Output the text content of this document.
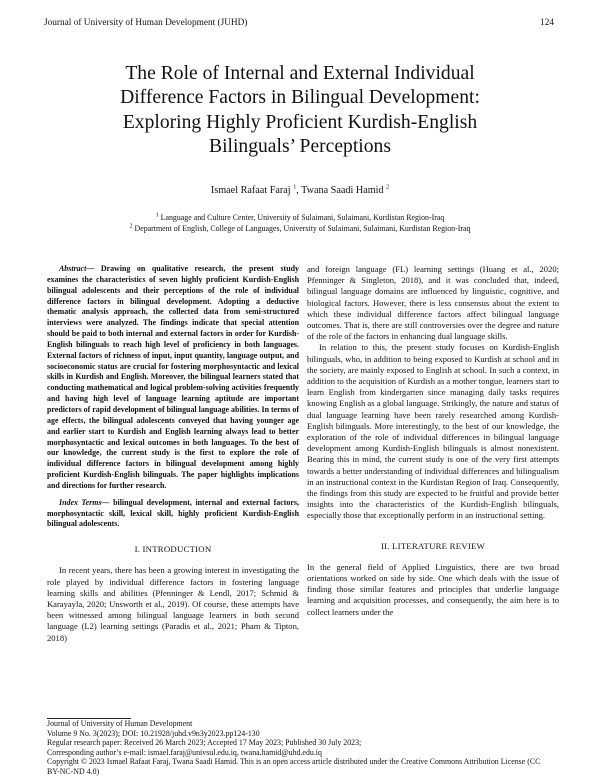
Journal of University of Human Development (JUHD)	124
The Role of Internal and External Individual
Difference Factors in Bilingual Development:
Exploring Highly Proficient Kurdish-English
Bilinguals’ Perceptions
Ismael Rafaat Faraj $^1$, Twana Saadi Hamid $^2$
$^1$ Language and Culture Center, University of Sulaimani, Sulaimani, Kurdistan Region-Iraq
$^2$ Department of English, College of Languages, University of Sulaimani, Sulaimani, Kurdistan Region-Iraq

Abstract— Drawing on qualitative research, the present study examines the characteristics of seven highly proficient Kurdish-English bilingual adolescents and their perceptions of the role of individual difference factors in bilingual development. Adopting a deductive thematic analysis approach, the collected data from semi-structured interviews were analyzed. The findings indicate that special attention should be paid to both internal and external factors in order for Kurdish-English bilinguals to reach high level of proficiency in both languages. External factors of richness of input, input quantity, language output, and socioeconomic status are crucial for fostering morphosyntactic and lexical skills in Kurdish and English. Moreover, the bilingual learners stated that conducting mathematical and logical problem-solving activities frequently and having high level of language learning aptitude are important predictors of rapid development of bilingual language abilities. In terms of age effects, the bilingual adolescents conveyed that having younger age and earlier start to Kurdish and English learning always lead to better morphosyntactic and lexical outcomes in both languages. To the best of our knowledge, the current study is the first to explore the role of individual difference factors in bilingual development among highly proficient Kurdish-English bilinguals. The paper highlights implications and directions for further research.

Index Terms— bilingual development, internal and external factors, morphosyntactic skill, lexical skill, highly proficient Kurdish-English bilingual adolescents.

I. INTRODUCTION

In recent years, there has been a growing interest in investigating the role played by individual difference factors in fostering language learning skills and abilities (Pfenninger & Lendl, 2017; Schmid & Karayayla, 2020; Unsworth et al., 2019). Of course, these attempts have been witnessed among bilingual language learners in both second language (L2) learning settings (Paradis et al., 2021; Pham & Tipton, 2018)

and foreign language (FL) learning settings (Huang et al., 2020; Pfenninger & Singleton, 2018), and it was concluded that, indeed, bilingual language domains are influenced by linguistic, cognitive, and biological factors. However, there is less consensus about the extent to which these individual difference factors affect bilingual language outcomes. That is, there are still controversies over the degree and nature of the role of the factors in enhancing dual language skills.

In relation to this, the present study focuses on Kurdish-English bilinguals, who, in addition to being exposed to Kurdish at school and in the society, are mainly exposed to English at school. In such a context, in addition to the acquisition of Kurdish as a mother tongue, learners start to learn English from kindergarten since managing daily tasks requires knowing English as a global language. Strikingly, the nature and status of dual language learning have been rarely researched among Kurdish-English bilinguals. More interestingly, to the best of our knowledge, the exploration of the role of individual differences in bilingual language development among Kurdish-English bilinguals is almost nonexistent. Bearing this in mind, the current study is one of the very first attempts towards a better understanding of individual differences and bilingualism in an instructional context in the Kurdistan Region of Iraq. Consequently, the findings from this study are expected to be fruitful and provide better insights into the characteristics of the Kurdish-English bilinguals, especially those that exceptionally perform in an instructional setting.

II. LITERATURE REVIEW

In the general field of Applied Linguistics, there are two broad orientations worked on side by side. One which deals with the issue of finding those similar features and principles that underlie language learning and acquisition processes, and consequently, the aim here is to collect learners under the

Journal of University of Human Development
Volume 9 No. 3(2023); DOI: 10.21928/juhd.v9n3y2023.pp124-130
Regular research paper: Received 26 March 2023; Accepted 17 May 2023; Published 30 July 2023;
Corresponding author’s e-mail: ismael.faraj@univsul.edu.iq, twana.hamid@uhd.edu.iq
Copyright © 2023 Ismael Rafaat Faraj, Twana Saadi Hamid. This is an open access article distributed under the Creative Commons Attribution License (CC BY-NC-ND 4.0)
